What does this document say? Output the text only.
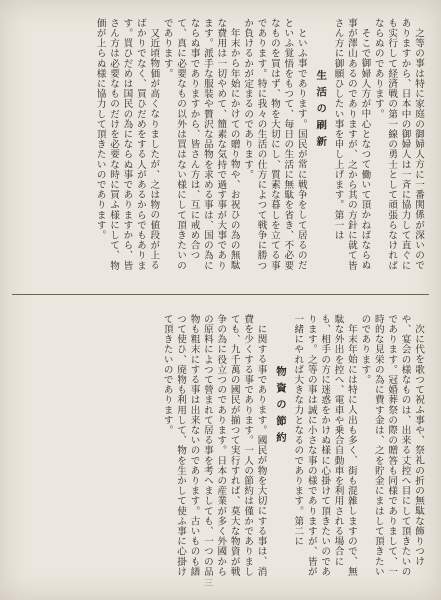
之等の事は特に家庭の御婦人方に一番関係が深いのでありますから、日本中の御婦人は一斉に協力して直ぐにも实行して経済戦の第一線の勇士として頑張らなければならぬのであります。

そこで御婦人方が中心となつて働いて頂かねばならぬ事が澤山あるのでありますが、之から其の方針に就て皆さん方に御願ひしたい事を申し上げます。第一は

生活の刷新

といふ事であります。国民が常に戦争をして居るのだといふ覚悟をもつて、毎日の生活に無駄を省き、不必要なものを買はず、物を大切にし、質素な暮しを立てる事であります。特に我々の生活の仕方によつて戦争に勝つか負けるかが定まるのであります。

年末から年始にかけての贈り物や、お祝ひの為の無駄な費用は一切やめて、簡素な気持で過す事が大事であります。派手な服装や贅沢な品物を求める事は、国の為にならぬ事でありますから、皆さん方は、互に戒め合つて、真に必要なもの以外は買はない様にして頂きたいのであります。

又近頃物価が高くなりましたが、之は物の値段が上るばかりでなく、買ひだめをする人があるからでもあります。買ひだめは国民の為にならぬ事でありますから、皆さん方は必要なものだけを必要な時に買ふ様にして、物価が上らぬ様に協力して頂きたいのであります。

次に代を歌つて祝ふ事や、祭礼の折の無駄な飾りつけや、宴会の様なものは、出来る丈控へ目にして頂きたいのであります。冠婚葬祭の際の贈答も同様でありまして、一時的な見栄の為に費す金は、之を貯金にまはして頂きたいのであります。

年末年始には特に人出も多く、街も混雑しますので、無駄な外出を控へ、電車や乗合自動車を利用される場合にも、相手の方に迷惑をかけぬ様に心掛けて頂きたいのであります。之等の事は誠に小さな事の様でありますが、皆が一緒にやれば大きな力となるのであります。第二に

物資の節約

に関する事であります。國民が物を大切にする事は、消費を少くする事であります。一人の節約は僅かでありましても、九千萬の國民が揃つて実行すれば、莫大な物資が戦争の為に役立つのであります。日本の産業が多く外國からの原料によつて營まれて居る事を考へましても、一つの品物も粗末にする事は出来ないのであります。古いものも繕つて使ひ、廃物も利用して、物を生かして使ふ事に心掛けて頂きたいのであります。

三
